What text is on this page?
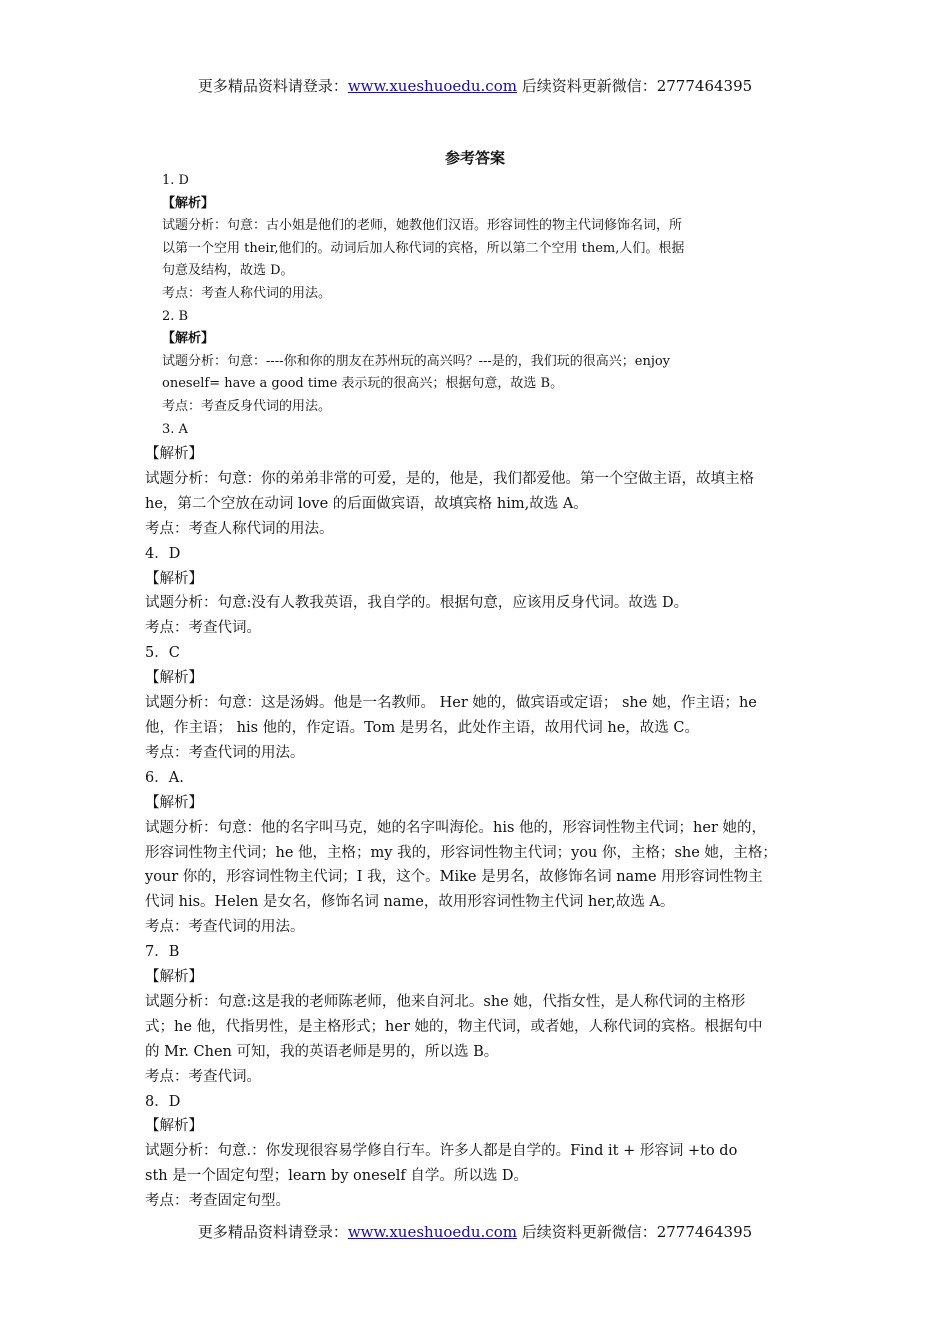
更多精品资料请登录：www.xueshuoedu.com 后续资料更新微信：2777464395
参考答案
1. D
【解析】
试题分析：句意：古小姐是他们的老师，她教他们汉语。形容词性的物主代词修饰名词，所
以第一个空用 their,他们的。动词后加人称代词的宾格，所以第二个空用 them,人们。根据
句意及结构，故选 D。
考点：考查人称代词的用法。
2. B
【解析】
试题分析：句意：----你和你的朋友在苏州玩的高兴吗？---是的，我们玩的很高兴；enjoy
oneself= have a good time 表示玩的很高兴；根据句意，故选 B。
考点：考查反身代词的用法。
3. A
【解析】
试题分析：句意：你的弟弟非常的可爱，是的，他是，我们都爱他。第一个空做主语，故填主格
he，第二个空放在动词 love 的后面做宾语，故填宾格 him,故选 A。
考点：考查人称代词的用法。
4．D
【解析】
试题分析：句意:没有人教我英语，我自学的。根据句意，应该用反身代词。故选 D。
考点：考查代词。
5．C
【解析】
试题分析：句意：这是汤姆。他是一名教师。 Her 她的，做宾语或定语； she 她，作主语；he
他，作主语； his 他的，作定语。Tom 是男名，此处作主语，故用代词 he，故选 C。
考点：考查代词的用法。
6．A.
【解析】
试题分析：句意：他的名字叫马克，她的名字叫海伦。his 他的，形容词性物主代词；her 她的，
形容词性物主代词；he 他，主格；my 我的，形容词性物主代词；you 你，主格；she 她，主格；
your 你的，形容词性物主代词；I 我，这个。Mike 是男名，故修饰名词 name 用形容词性物主
代词 his。Helen 是女名，修饰名词 name，故用形容词性物主代词 her,故选 A。
考点：考查代词的用法。
7．B
【解析】
试题分析：句意:这是我的老师陈老师，他来自河北。she 她，代指女性，是人称代词的主格形
式；he 他，代指男性，是主格形式；her 她的，物主代词，或者她，人称代词的宾格。根据句中
的 Mr. Chen 可知，我的英语老师是男的，所以选 B。
考点：考查代词。
8．D
【解析】
试题分析：句意.：你发现很容易学修自行车。许多人都是自学的。Find it + 形容词 +to do
sth 是一个固定句型；learn by oneself 自学。所以选 D。
考点：考查固定句型。
更多精品资料请登录：www.xueshuoedu.com 后续资料更新微信：2777464395
